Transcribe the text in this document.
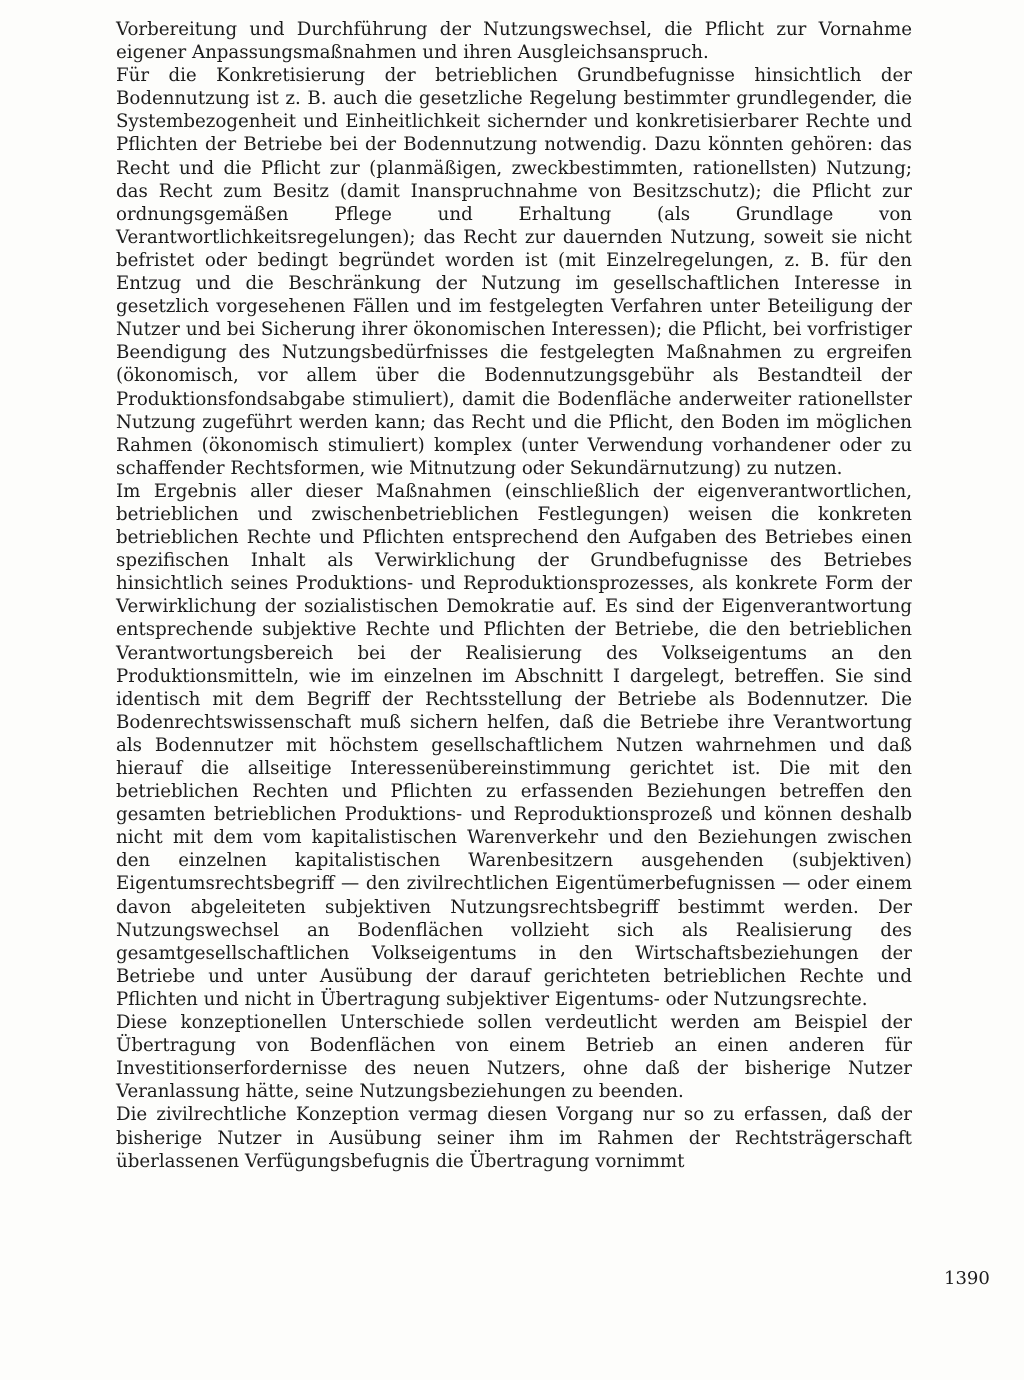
Vorbereitung und Durchführung der Nutzungswechsel, die Pflicht zur Vornahme eigener Anpassungsmaßnahmen und ihren Ausgleichsanspruch.

Für die Konkretisierung der betrieblichen Grundbefugnisse hinsichtlich der Bodennutzung ist z. B. auch die gesetzliche Regelung bestimmter grundlegender, die Systembezogenheit und Einheitlichkeit sichernder und konkretisierbarer Rechte und Pflichten der Betriebe bei der Bodennutzung notwendig. Dazu könnten gehören: das Recht und die Pflicht zur (planmäßigen, zweckbestimmten, rationellsten) Nutzung; das Recht zum Besitz (damit Inanspruchnahme von Besitzschutz); die Pflicht zur ordnungsgemäßen Pflege und Erhaltung (als Grundlage von Verantwortlichkeitsregelungen); das Recht zur dauernden Nutzung, soweit sie nicht befristet oder bedingt begründet worden ist (mit Einzelregelungen, z. B. für den Entzug und die Beschränkung der Nutzung im gesellschaftlichen Interesse in gesetzlich vorgesehenen Fällen und im festgelegten Verfahren unter Beteiligung der Nutzer und bei Sicherung ihrer ökonomischen Interessen); die Pflicht, bei vorfristiger Beendigung des Nutzungsbedürfnisses die festgelegten Maßnahmen zu ergreifen (ökonomisch, vor allem über die Bodennutzungsgebühr als Bestandteil der Produktionsfondsabgabe stimuliert), damit die Bodenfläche anderweiter rationellster Nutzung zugeführt werden kann; das Recht und die Pflicht, den Boden im möglichen Rahmen (ökonomisch stimuliert) komplex (unter Verwendung vorhandener oder zu schaffender Rechtsformen, wie Mitnutzung oder Sekundärnutzung) zu nutzen.

Im Ergebnis aller dieser Maßnahmen (einschließlich der eigenverantwortlichen, betrieblichen und zwischenbetrieblichen Festlegungen) weisen die konkreten betrieblichen Rechte und Pflichten entsprechend den Aufgaben des Betriebes einen spezifischen Inhalt als Verwirklichung der Grundbefugnisse des Betriebes hinsichtlich seines Produktions- und Reproduktionsprozesses, als konkrete Form der Verwirklichung der sozialistischen Demokratie auf. Es sind der Eigenverantwortung entsprechende subjektive Rechte und Pflichten der Betriebe, die den betrieblichen Verantwortungsbereich bei der Realisierung des Volkseigentums an den Produktionsmitteln, wie im einzelnen im Abschnitt I dargelegt, betreffen. Sie sind identisch mit dem Begriff der Rechtsstellung der Betriebe als Bodennutzer. Die Bodenrechtswissenschaft muß sichern helfen, daß die Betriebe ihre Verantwortung als Bodennutzer mit höchstem gesellschaftlichem Nutzen wahrnehmen und daß hierauf die allseitige Interessenübereinstimmung gerichtet ist. Die mit den betrieblichen Rechten und Pflichten zu erfassenden Beziehungen betreffen den gesamten betrieblichen Produktions- und Reproduktionsprozeß und können deshalb nicht mit dem vom kapitalistischen Warenverkehr und den Beziehungen zwischen den einzelnen kapitalistischen Warenbesitzern ausgehenden (subjektiven) Eigentumsrechtsbegriff — den zivilrechtlichen Eigentümerbefugnissen — oder einem davon abgeleiteten subjektiven Nutzungsrechtsbegriff bestimmt werden. Der Nutzungswechsel an Bodenflächen vollzieht sich als Realisierung des gesamtgesellschaftlichen Volkseigentums in den Wirtschaftsbeziehungen der Betriebe und unter Ausübung der darauf gerichteten betrieblichen Rechte und Pflichten und nicht in Übertragung subjektiver Eigentums- oder Nutzungsrechte.

Diese konzeptionellen Unterschiede sollen verdeutlicht werden am Beispiel der Übertragung von Bodenflächen von einem Betrieb an einen anderen für Investitionserfordernisse des neuen Nutzers, ohne daß der bisherige Nutzer Veranlassung hätte, seine Nutzungsbeziehungen zu beenden.

Die zivilrechtliche Konzeption vermag diesen Vorgang nur so zu erfassen, daß der bisherige Nutzer in Ausübung seiner ihm im Rahmen der Rechtsträgerschaft überlassenen Verfügungsbefugnis die Übertragung vornimmt

1390
